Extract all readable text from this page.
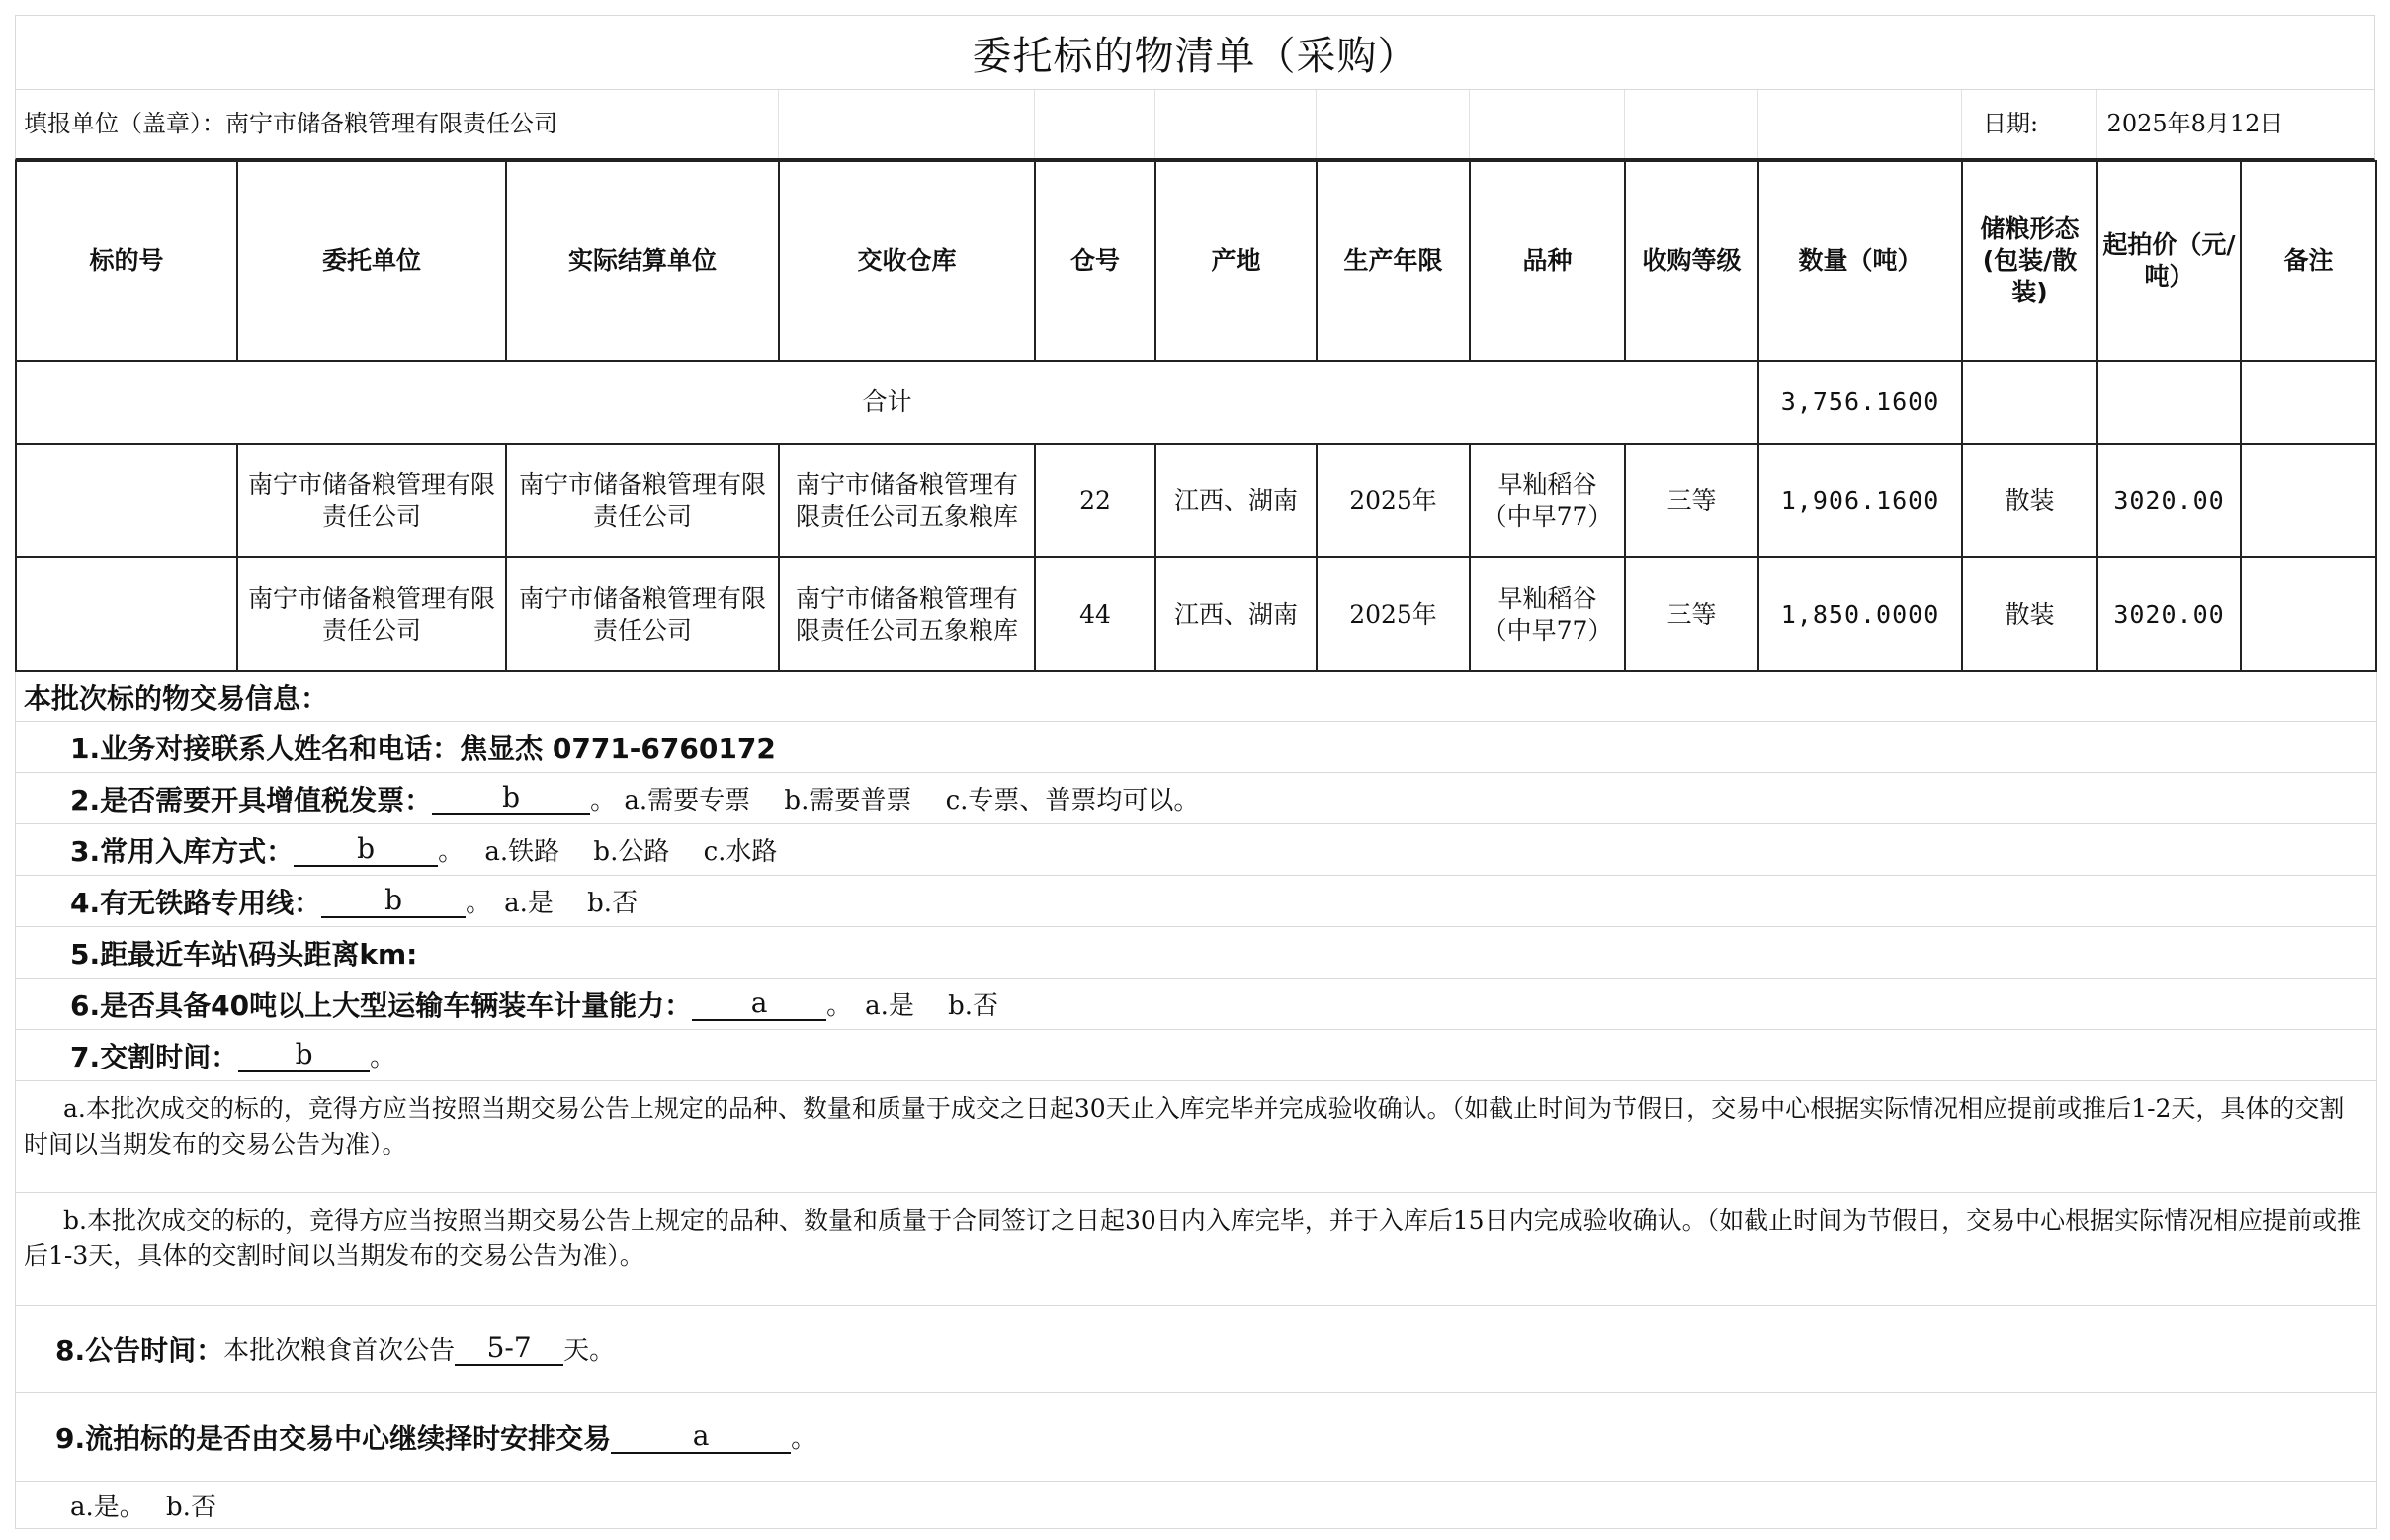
委托标的物清单（采购）
填报单位（盖章）：南宁市储备粮管理有限责任公司	日期:	2025年8月12日
标的号	委托单位	实际结算单位	交收仓库	仓号	产地	生产年限	品种	收购等级	数量（吨）	储粮形态(包装/散装)	起拍价（元/吨）	备注
合计									3,756.1600			
	南宁市储备粮管理有限责任公司	南宁市储备粮管理有限责任公司	南宁市储备粮管理有限责任公司五象粮库	22	江西、湖南	2025年	早籼稻谷（中早77）	三等	1,906.1600	散装	3020.00	
	南宁市储备粮管理有限责任公司	南宁市储备粮管理有限责任公司	南宁市储备粮管理有限责任公司五象粮库	44	江西、湖南	2025年	早籼稻谷（中早77）	三等	1,850.0000	散装	3020.00	
本批次标的物交易信息：
1.业务对接联系人姓名和电话：焦显杰 0771-6760172
2.是否需要开具增值税发票：	b	。 a.需要专票　 b.需要普票　 c.专票、普票均可以。
3.常用入库方式：	b	。　 a.铁路　 b.公路　 c.水路
4.有无铁路专用线：	b	。　a.是　 b.否
5.距最近车站\码头距离km:
6.是否具备40吨以上大型运输车辆装车计量能力：	a	。　a.是　 b.否
7.交割时间：	b	。
a.本批次成交的标的，竞得方应当按照当期交易公告上规定的品种、数量和质量于成交之日起30天止入库完毕并完成验收确认。（如截止时间为节假日，交易中心根据实际情况相应提前或推后1-2天，具体的交割时间以当期发布的交易公告为准）。
b.本批次成交的标的，竞得方应当按照当期交易公告上规定的品种、数量和质量于合同签订之日起30日内入库完毕，并于入库后15日内完成验收确认。（如截止时间为节假日，交易中心根据实际情况相应提前或推后1-3天，具体的交割时间以当期发布的交易公告为准）。
8.公告时间： 本批次粮食首次公告	5-7	天。
9.流拍标的是否由交易中心继续择时安排交易	a	。
a.是。　 b.否
